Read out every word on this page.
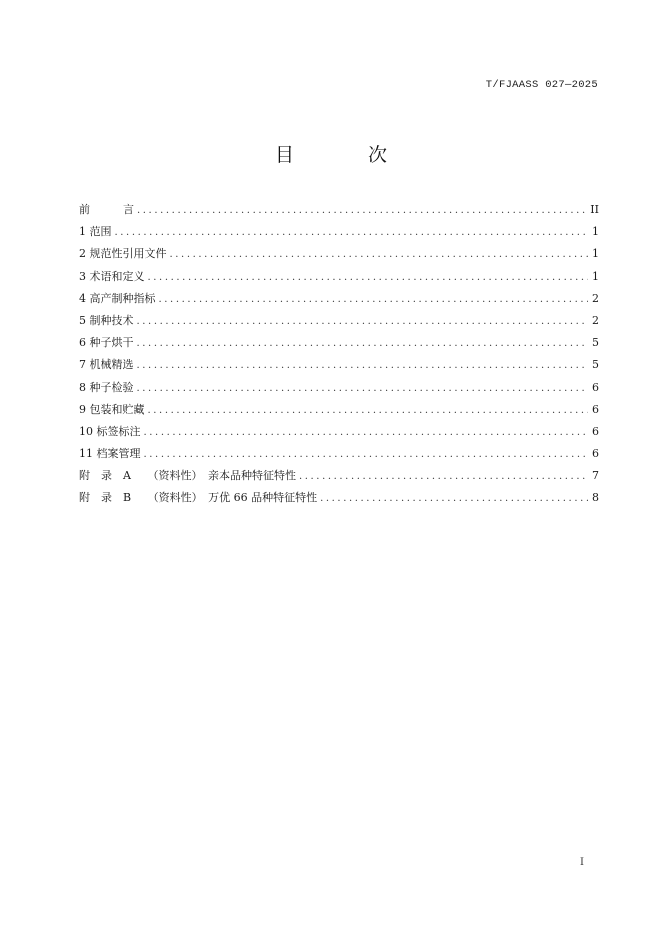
T/FJAASS 027—2025
目 次
前　　　言 .....	II
1 范围 .....	1
2 规范性引用文件 .....	1
3 术语和定义 .....	1
4 高产制种指标 .....	2
5 制种技术 .....	2
6 种子烘干 .....	5
7 机械精选 .....	5
8 种子检验 .....	6
9 包装和贮藏 .....	6
10 标签标注 .....	6
11 档案管理 .....	6
附　录　A　　（资料性）　亲本品种特征特性 .....	7
附　录　B　　（资料性）　万优 66 品种特征特性 .....	8
I
